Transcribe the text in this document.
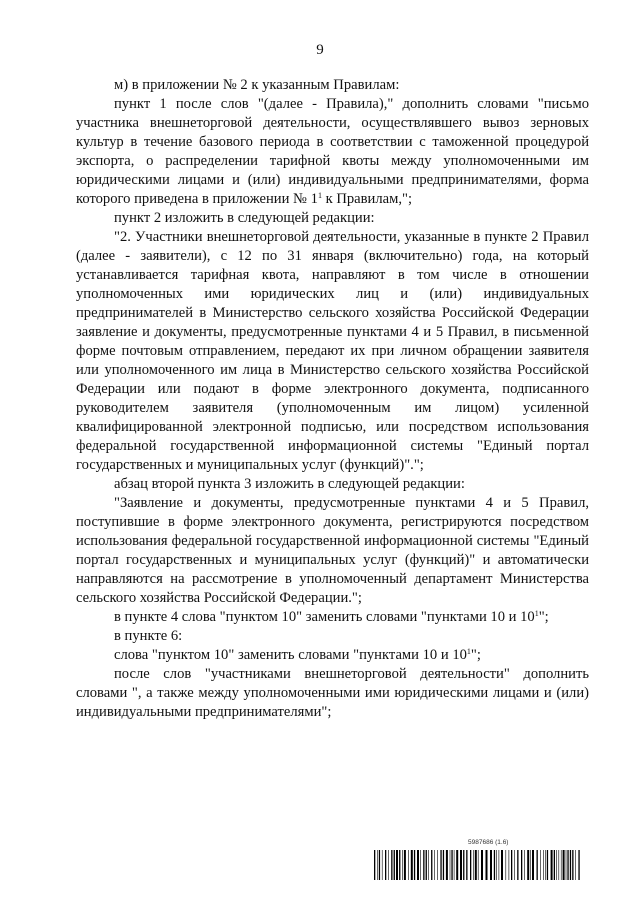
9

м) в приложении № 2 к указанным Правилам:

пункт 1 после слов "(далее - Правила)," дополнить словами "письмо участника внешнеторговой деятельности, осуществлявшего вывоз зерновых культур в течение базового периода в соответствии с таможенной процедурой экспорта, о распределении тарифной квоты между уполномоченными им юридическими лицами и (или) индивидуальными предпринимателями, форма которого приведена в приложении № $1^1$ к Правилам,";

пункт 2 изложить в следующей редакции:

"2. Участники внешнеторговой деятельности, указанные в пункте 2 Правил (далее - заявители), с 12 по 31 января (включительно) года, на который устанавливается тарифная квота, направляют в том числе в отношении уполномоченных ими юридических лиц и (или) индивидуальных предпринимателей в Министерство сельского хозяйства Российской Федерации заявление и документы, предусмотренные пунктами 4 и 5 Правил, в письменной форме почтовым отправлением, передают их при личном обращении заявителя или уполномоченного им лица в Министерство сельского хозяйства Российской Федерации или подают в форме электронного документа, подписанного руководителем заявителя (уполномоченным им лицом) усиленной квалифицированной электронной подписью, или посредством использования федеральной государственной информационной системы "Единый портал государственных и муниципальных услуг (функций)".";

абзац второй пункта 3 изложить в следующей редакции:

"Заявление и документы, предусмотренные пунктами 4 и 5 Правил, поступившие в форме электронного документа, регистрируются посредством использования федеральной государственной информационной системы "Единый портал государственных и муниципальных услуг (функций)" и автоматически направляются на рассмотрение в уполномоченный департамент Министерства сельского хозяйства Российской Федерации.";

в пункте 4 слова "пунктом 10" заменить словами "пунктами 10 и $10^1$";

в пункте 6:

слова "пунктом 10" заменить словами "пунктами 10 и $10^1$";

после слов "участниками внешнеторговой деятельности" дополнить словами ", а также между уполномоченными ими юридическими лицами и (или) индивидуальными предпринимателями";

5987686 (1.6)
